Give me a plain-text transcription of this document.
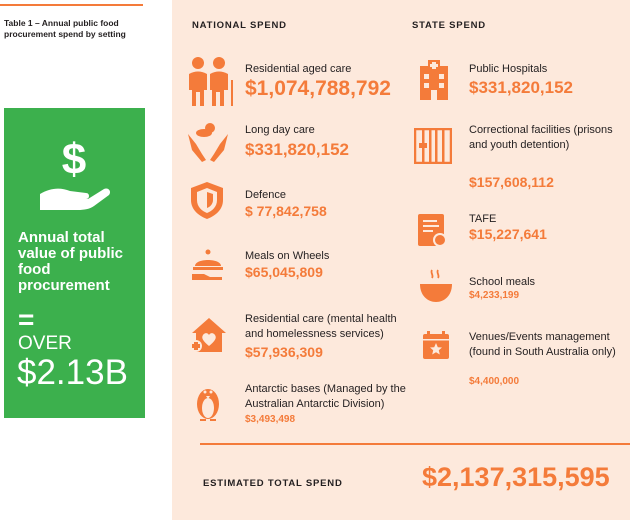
Table 1 – Annual public food procurement spend by setting
$
Annual total value of public food procurement
=
OVER
$2.13B
NATIONAL SPEND	STATE SPEND
Residential aged care
$1,074,788,792
Long day care
$331,820,152
Defence
$ 77,842,758
Meals on Wheels
$65,045,809
Residential care (mental health and homelessness services)
$57,936,309
Antarctic bases (Managed by the Australian Antarctic Division)
$3,493,498
Public Hospitals
$331,820,152
Correctional facilities (prisons and youth detention)
$157,608,112
TAFE
$15,227,641
School meals
$4,233,199
Venues/Events management (found in South Australia only)
$4,400,000
ESTIMATED TOTAL SPEND	$2,137,315,595
